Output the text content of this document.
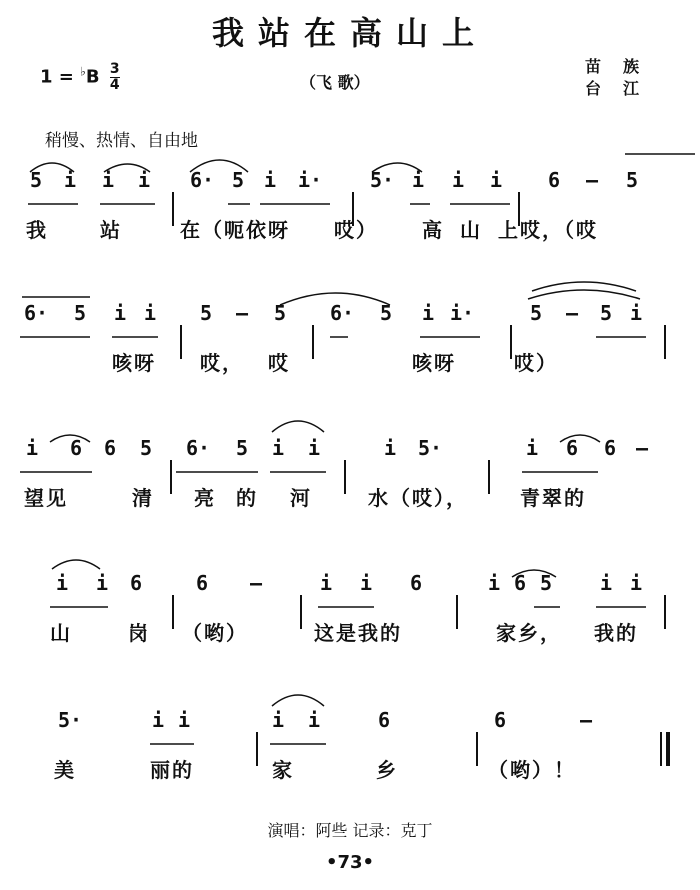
我站在高山上
$1 = ^♭B \frac{3}{4}$	（飞 歌）
苗族
台江
稍慢、热情、自由地
5 i i i 6· 5 i i· 5· i i i 6 — 5
我	站	在（呃依呀 哎） 高 山 上哎，（哎
6· 5 i i 5 — 5 6· 5 i i·	5 — 5 i
咳呀 哎， 哎	咳呀	哎）
i 6 6 5 6· 5 i i	i 5·	i 6 6 —
望见	清 亮 的 河	水（哎），	青翠的
i i 6	6 —	i i 6	i 6 5 i i
山	岗 （哟）	这是我的	家乡， 我的
5·	i i	i i	6	6	—
美	丽的	家	乡	（哟）！
演唱：阿些 记录：克丁
•73•
